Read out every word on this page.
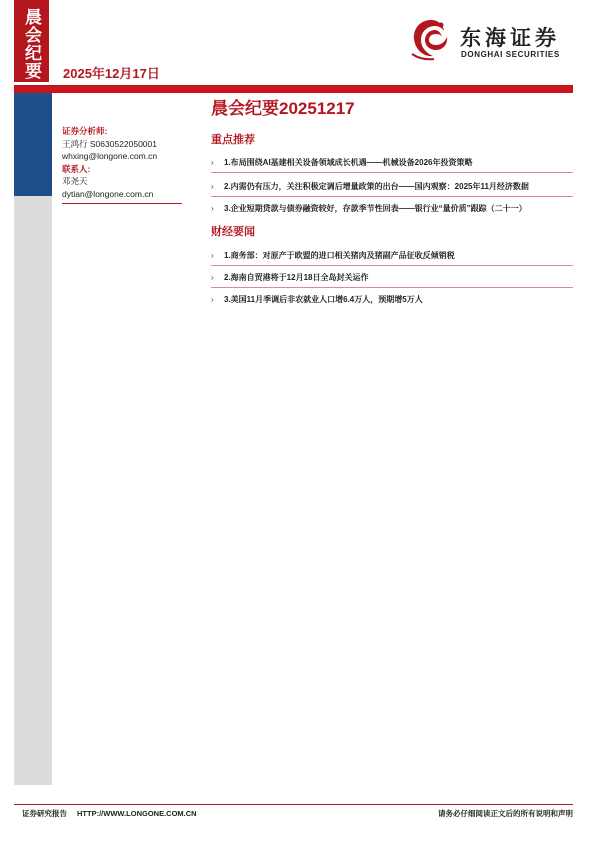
晨会纪要 2025年12月17日
东海证券
DONGHAI SECURITIES
晨会纪要20251217
证券分析师:
王鸿行 S0630522050001
whxing@longone.com.cn
联系人:
邓尧天
dytian@longone.com.cn
重点推荐
› 1.布局围绕AI基建相关设备领域成长机遇——机械设备2026年投资策略
› 2.内需仍有压力，关注积极定调后增量政策的出台——国内观察：2025年11月经济数据
› 3.企业短期贷款与债券融资较好，存款季节性回表——银行业“量价质”跟踪（二十一）
财经要闻
› 1.商务部：对原产于欧盟的进口相关猪肉及猪副产品征收反倾销税
› 2.海南自贸港将于12月18日全岛封关运作
› 3.美国11月季调后非农就业人口增6.4万人，预期增5万人
证券研究报告 HTTP://WWW.LONGONE.COM.CN	请务必仔细阅读正文后的所有说明和声明
